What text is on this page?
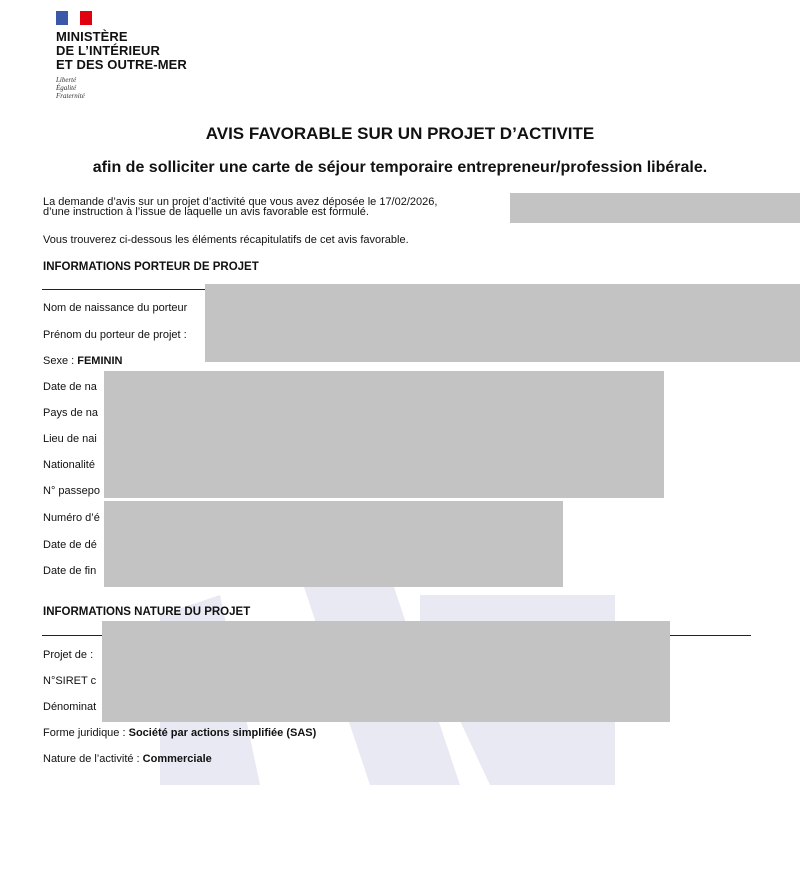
MINISTÈRE
DE L’INTÉRIEUR
ET DES OUTRE-MER
Liberté
Égalité
Fraternité
AVIS FAVORABLE SUR UN PROJET D’ACTIVITE
afin de solliciter une carte de séjour temporaire entrepreneur/profession libérale.
La demande d’avis sur un projet d’activité que vous avez déposée le 17/02/2026,
d’une instruction à l’issue de laquelle un avis favorable est formulé.
Vous trouverez ci-dessous les éléments récapitulatifs de cet avis favorable.
INFORMATIONS PORTEUR DE PROJET
Nom de naissance du porteur
Prénom du porteur de projet :
Sexe : FEMININ
Date de na
Pays de na
Lieu de nai
Nationalité
N° passepo
Numéro d’é
Date de dé
Date de fin
INFORMATIONS NATURE DU PROJET
Projet de :
N°SIRET c
Dénominat
Forme juridique : Société par actions simplifiée (SAS)
Nature de l’activité : Commerciale
